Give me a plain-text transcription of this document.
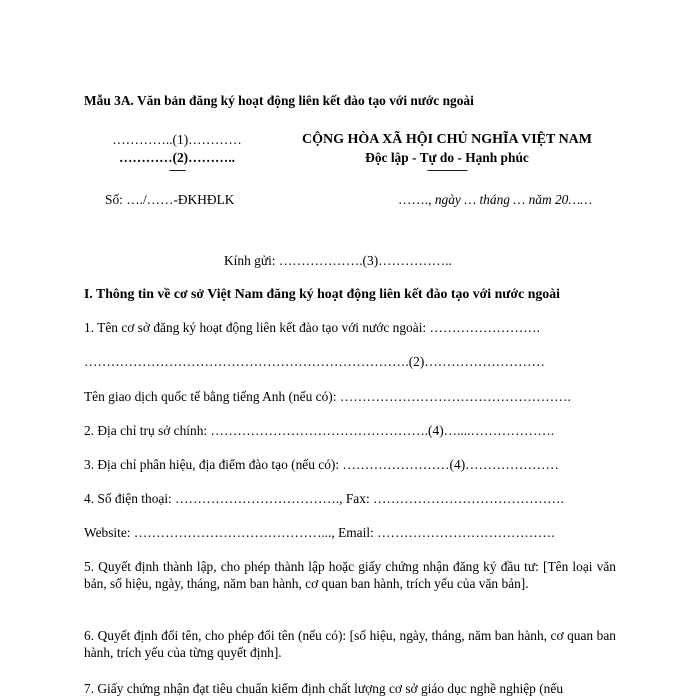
Mẫu 3A. Văn bản đăng ký hoạt động liên kết đào tạo với nước ngoài
…………..(1)…………
…………(2)………..
------
Số: …./……-ĐKHĐLK
CỘNG HÒA XÃ HỘI CHỦ NGHĨA VIỆT NAM
Độc lập - Tự do - Hạnh phúc
---------------
……., ngày … tháng … năm 20……
Kính gửi: ……………….(3)……………..
I. Thông tin về cơ sở Việt Nam đăng ký hoạt động liên kết đào tạo với nước ngoài
1. Tên cơ sở đăng ký hoạt động liên kết đào tạo với nước ngoài: …………………….
……………………………………………………………….(2)………………………
Tên giao dịch quốc tế bằng tiếng Anh (nếu có): …………………………………………….
2. Địa chỉ trụ sở chính: ………………………………………….(4)…....……………….
3. Địa chỉ phân hiệu, địa điểm đào tạo (nếu có): ……………………(4)…………………
4. Số điện thoại: ………………………………., Fax: …………………………………….
Website: ……………………………………..., Email: ………………………………….
5. Quyết định thành lập, cho phép thành lập hoặc giấy chứng nhận đăng ký đầu tư: [Tên loại văn bản, số hiệu, ngày, tháng, năm ban hành, cơ quan ban hành, trích yếu của văn bản].
6. Quyết định đổi tên, cho phép đổi tên (nếu có): [số hiệu, ngày, tháng, năm ban hành, cơ quan ban hành, trích yếu của từng quyết định].
7. Giấy chứng nhận đạt tiêu chuẩn kiểm định chất lượng cơ sở giáo dục nghề nghiệp (nếu
